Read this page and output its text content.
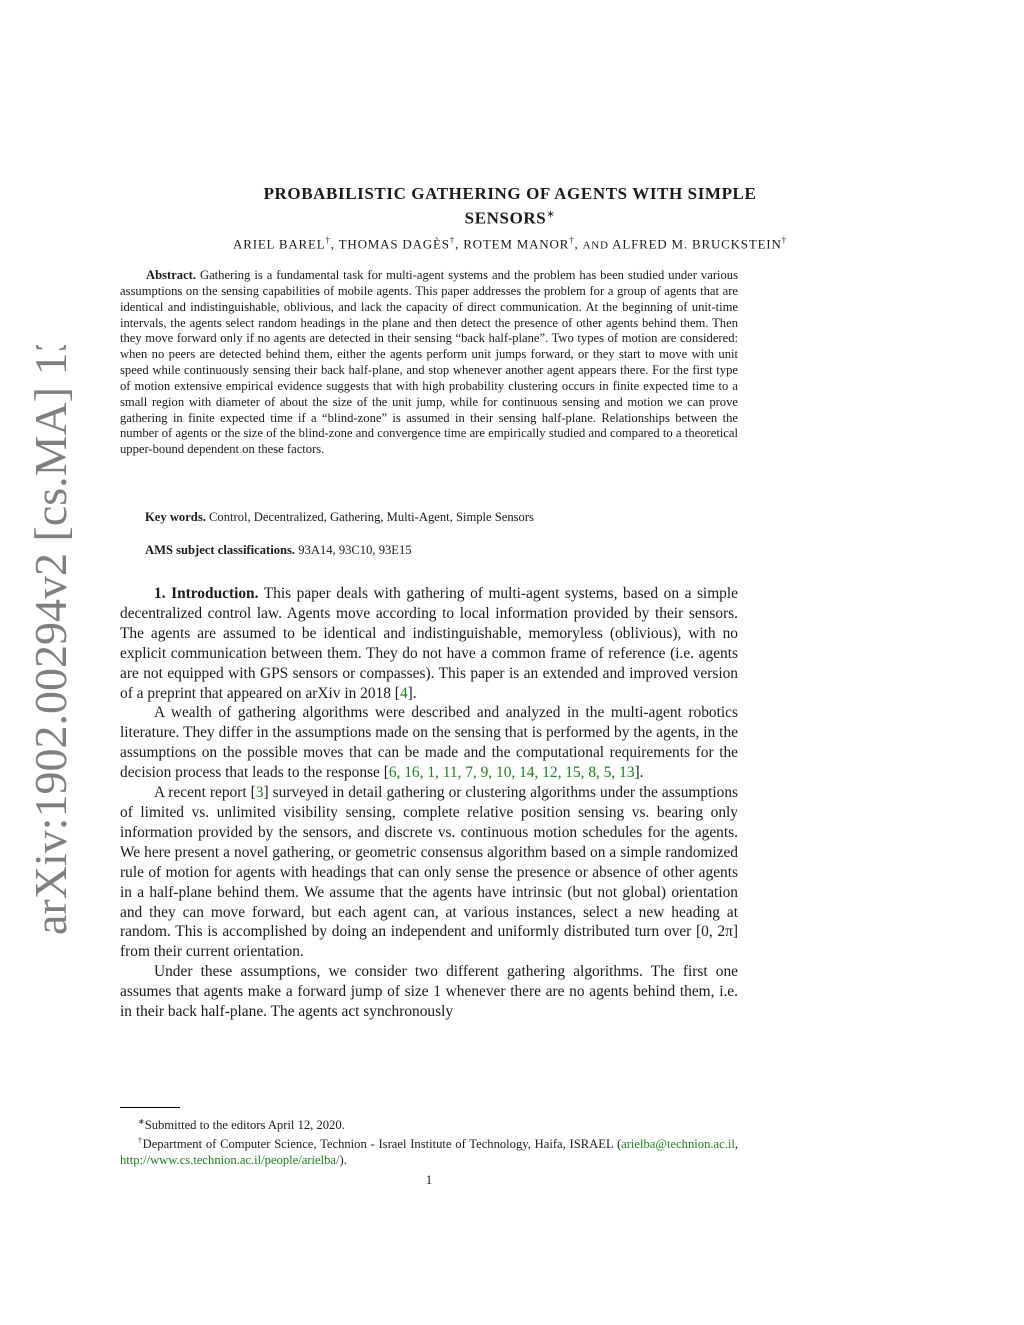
arXiv:1902.00294v2 [cs.MA] 13 Apr 2020	PROBABILISTIC GATHERING OF AGENTS WITH SIMPLE
SENSORS∗
ARIEL BAREL†, THOMAS DAGÈS†, ROTEM MANOR†, AND ALFRED M. BRUCKSTEIN†
Abstract. Gathering is a fundamental task for multi-agent systems and the problem has been studied under various assumptions on the sensing capabilities of mobile agents. This paper addresses the problem for a group of agents that are identical and indistinguishable, oblivious, and lack the capacity of direct communication. At the beginning of unit-time intervals, the agents select random headings in the plane and then detect the presence of other agents behind them. Then they move forward only if no agents are detected in their sensing “back half-plane”. Two types of motion are considered: when no peers are detected behind them, either the agents perform unit jumps forward, or they start to move with unit speed while continuously sensing their back half-plane, and stop whenever another agent appears there. For the first type of motion extensive empirical evidence suggests that with high probability clustering occurs in finite expected time to a small region with diameter of about the size of the unit jump, while for continuous sensing and motion we can prove gathering in finite expected time if a “blind-zone” is assumed in their sensing half-plane. Relationships between the number of agents or the size of the blind-zone and convergence time are empirically studied and compared to a theoretical upper-bound dependent on these factors.
Key words. Control, Decentralized, Gathering, Multi-Agent, Simple Sensors
AMS subject classifications. 93A14, 93C10, 93E15

1. Introduction. This paper deals with gathering of multi-agent systems, based on a simple decentralized control law. Agents move according to local information provided by their sensors. The agents are assumed to be identical and indistinguishable, memoryless (oblivious), with no explicit communication between them. They do not have a common frame of reference (i.e. agents are not equipped with GPS sensors or compasses). This paper is an extended and improved version of a preprint that appeared on arXiv in 2018 [4].

A wealth of gathering algorithms were described and analyzed in the multi-agent robotics literature. They differ in the assumptions made on the sensing that is performed by the agents, in the assumptions on the possible moves that can be made and the computational requirements for the decision process that leads to the response [6, 16, 1, 11, 7, 9, 10, 14, 12, 15, 8, 5, 13].

A recent report [3] surveyed in detail gathering or clustering algorithms under the assumptions of limited vs. unlimited visibility sensing, complete relative position sensing vs. bearing only information provided by the sensors, and discrete vs. continuous motion schedules for the agents. We here present a novel gathering, or geometric consensus algorithm based on a simple randomized rule of motion for agents with headings that can only sense the presence or absence of other agents in a half-plane behind them. We assume that the agents have intrinsic (but not global) orientation and they can move forward, but each agent can, at various instances, select a new heading at random. This is accomplished by doing an independent and uniformly distributed turn over [0, 2π] from their current orientation.

Under these assumptions, we consider two different gathering algorithms. The first one assumes that agents make a forward jump of size 1 whenever there are no agents behind them, i.e. in their back half-plane. The agents act synchronously

∗Submitted to the editors April 12, 2020.
†Department of Computer Science, Technion - Israel Institute of Technology, Haifa, ISRAEL (arielba@technion.ac.il, http://www.cs.technion.ac.il/people/arielba/).
1
